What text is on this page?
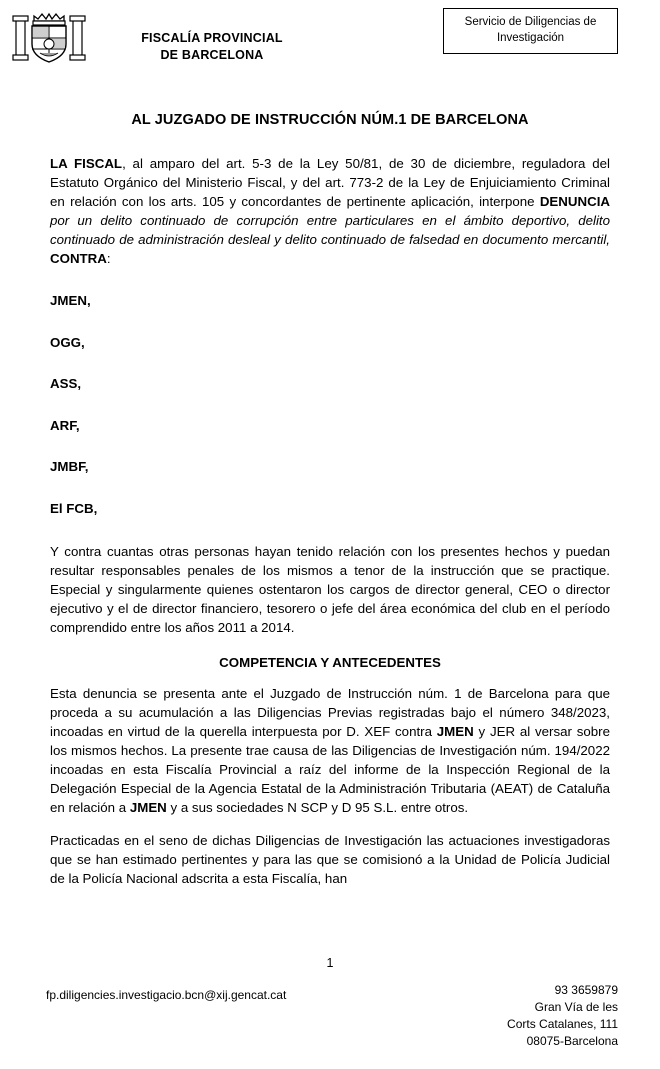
FISCALÍA PROVINCIAL
DE BARCELONA
Servicio de Diligencias de Investigación
AL JUZGADO DE INSTRUCCIÓN NÚM.1 DE BARCELONA

LA FISCAL, al amparo del art. 5-3 de la Ley 50/81, de 30 de diciembre, reguladora del Estatuto Orgánico del Ministerio Fiscal, y del art. 773-2 de la Ley de Enjuiciamiento Criminal en relación con los arts. 105 y concordantes de pertinente aplicación, interpone DENUNCIA por un delito continuado de corrupción entre particulares en el ámbito deportivo, delito continuado de administración desleal y delito continuado de falsedad en documento mercantil, CONTRA:

JMEN,

OGG,

ASS,

ARF,

JMBF,

El FCB,

Y contra cuantas otras personas hayan tenido relación con los presentes hechos y puedan resultar responsables penales de los mismos a tenor de la instrucción que se practique. Especial y singularmente quienes ostentaron los cargos de director general, CEO o director ejecutivo y el de director financiero, tesorero o jefe del área económica del club en el período comprendido entre los años 2011 a 2014.

COMPETENCIA Y ANTECEDENTES

Esta denuncia se presenta ante el Juzgado de Instrucción núm. 1 de Barcelona para que proceda a su acumulación a las Diligencias Previas registradas bajo el número 348/2023, incoadas en virtud de la querella interpuesta por D. XEF contra JMEN y JER al versar sobre los mismos hechos. La presente trae causa de las Diligencias de Investigación núm. 194/2022 incoadas en esta Fiscalía Provincial a raíz del informe de la Inspección Regional de la Delegación Especial de la Agencia Estatal de la Administración Tributaria (AEAT) de Cataluña en relación a JMEN y a sus sociedades N SCP y D 95 S.L. entre otros.

Practicadas en el seno de dichas Diligencias de Investigación las actuaciones investigadoras que se han estimado pertinentes y para las que se comisionó a la Unidad de Policía Judicial de la Policía Nacional adscrita a esta Fiscalía, han

1
fp.diligencies.investigacio.bcn@xij.gencat.cat	93 3659879
Gran Vía de les
Corts Catalanes, 111
08075-Barcelona
